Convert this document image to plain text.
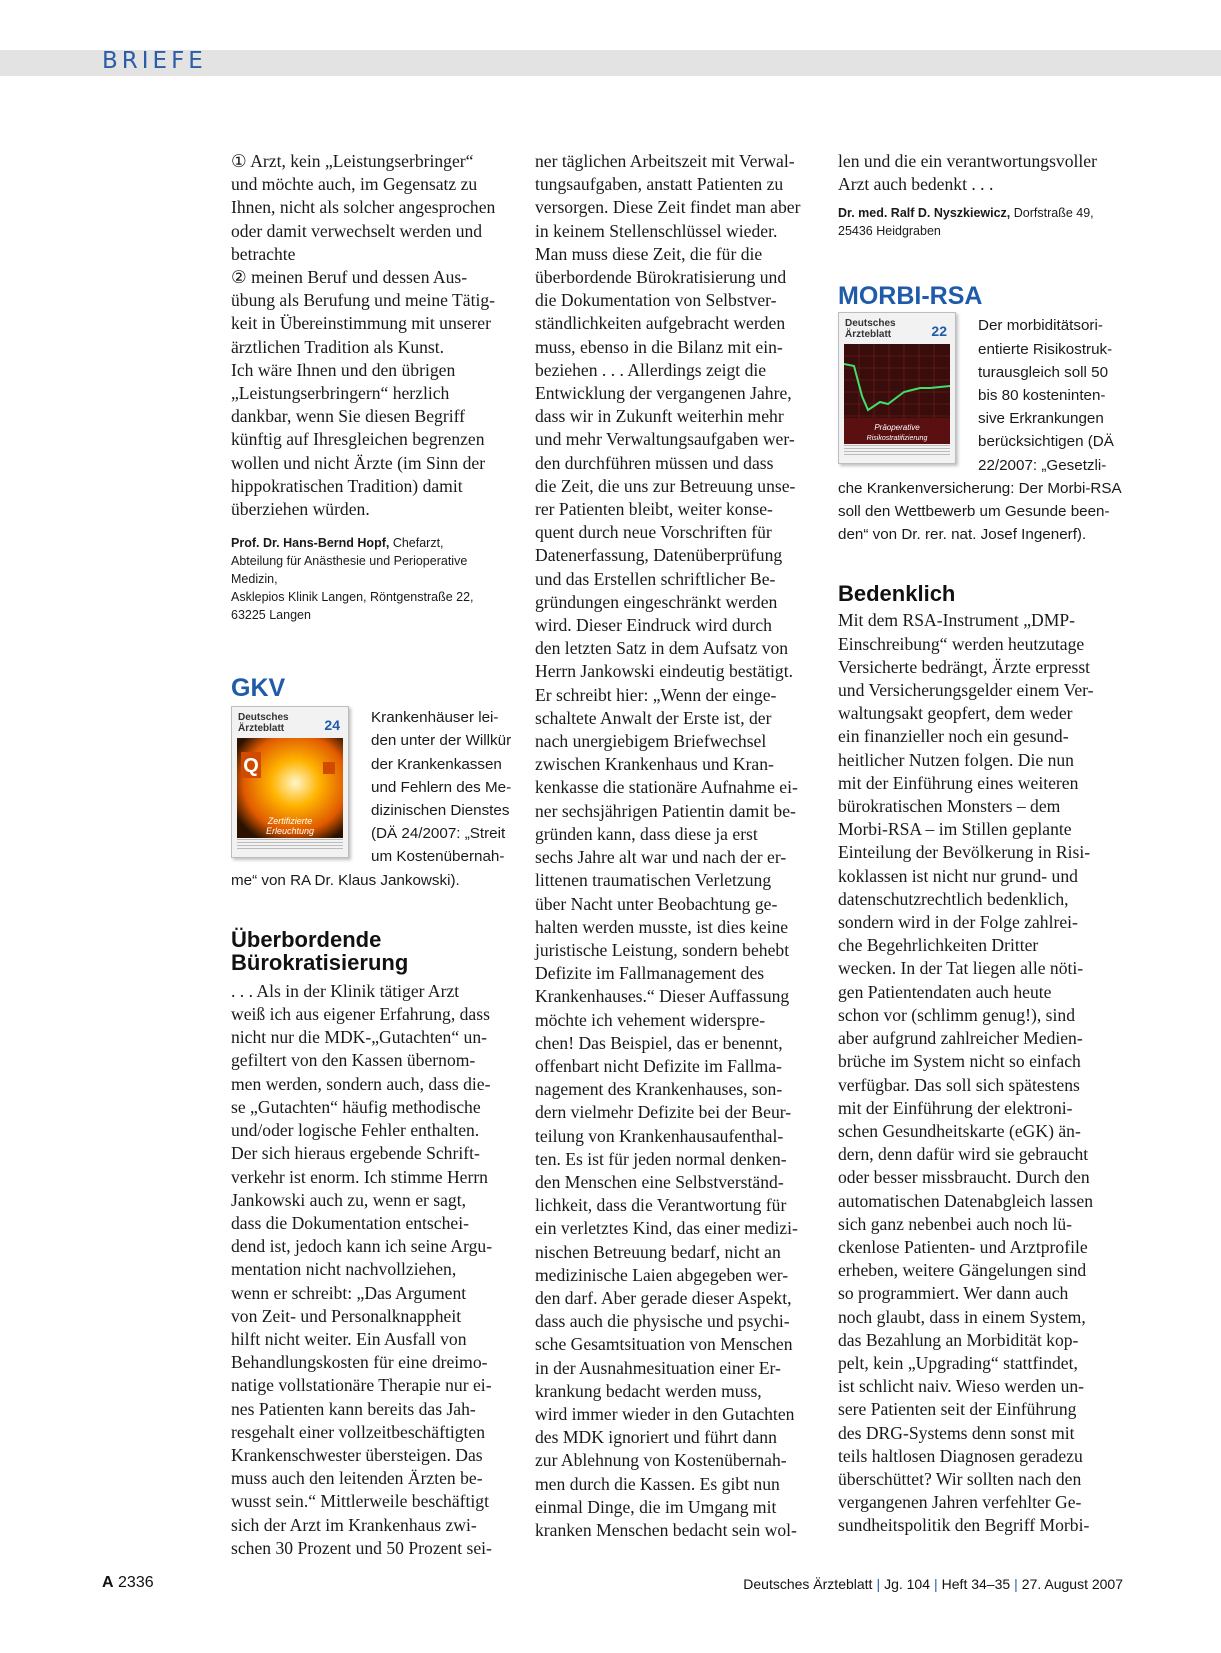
BRIEFE

① Arzt, kein „Leistungserbringer“

und möchte auch, im Gegensatz zu

Ihnen, nicht als solcher angesprochen

oder damit verwechselt werden und

betrachte

② meinen Beruf und dessen Aus-

übung als Berufung und meine Tätig-

keit in Übereinstimmung mit unserer

ärztlichen Tradition als Kunst.

Ich wäre Ihnen und den übrigen

„Leistungserbringern“ herzlich

dankbar, wenn Sie diesen Begriff

künftig auf Ihresgleichen begrenzen

wollen und nicht Ärzte (im Sinn der

hippokratischen Tradition) damit

überziehen würden.

Prof. Dr. Hans-Bernd Hopf, Chefarzt,
Abteilung für Anästhesie und Perioperative Medizin,
Asklepios Klinik Langen, Röntgenstraße 22,
63225 Langen
GKV
Deutsches
Ärzteblatt	24
Q
Zertifizierte
Erleuchtung
Krankenhäuser lei-
den unter der Willkür
der Krankenkassen
und Fehlern des Me-
dizinischen Dienstes
(DÄ 24/2007: „Streit
um Kostenübernah-
me“ von RA Dr. Klaus Jankowski).
Überbordende
Bürokratisierung

. . . Als in der Klinik tätiger Arzt

weiß ich aus eigener Erfahrung, dass

nicht nur die MDK-„Gutachten“ un-

gefiltert von den Kassen übernom-

men werden, sondern auch, dass die-

se „Gutachten“ häufig methodische

und/oder logische Fehler enthalten.

Der sich hieraus ergebende Schrift-

verkehr ist enorm. Ich stimme Herrn

Jankowski auch zu, wenn er sagt,

dass die Dokumentation entschei-

dend ist, jedoch kann ich seine Argu-

mentation nicht nachvollziehen,

wenn er schreibt: „Das Argument

von Zeit- und Personalknappheit

hilft nicht weiter. Ein Ausfall von

Behandlungskosten für eine dreimo-

natige vollstationäre Therapie nur ei-

nes Patienten kann bereits das Jah-

resgehalt einer vollzeitbeschäftigten

Krankenschwester übersteigen. Das

muss auch den leitenden Ärzten be-

wusst sein.“ Mittlerweile beschäftigt

sich der Arzt im Krankenhaus zwi-

schen 30 Prozent und 50 Prozent sei-

ner täglichen Arbeitszeit mit Verwal-

tungsaufgaben, anstatt Patienten zu

versorgen. Diese Zeit findet man aber

in keinem Stellenschlüssel wieder.

Man muss diese Zeit, die für die

überbordende Bürokratisierung und

die Dokumentation von Selbstver-

ständlichkeiten aufgebracht werden

muss, ebenso in die Bilanz mit ein-

beziehen . . . Allerdings zeigt die

Entwicklung der vergangenen Jahre,

dass wir in Zukunft weiterhin mehr

und mehr Verwaltungsaufgaben wer-

den durchführen müssen und dass

die Zeit, die uns zur Betreuung unse-

rer Patienten bleibt, weiter konse-

quent durch neue Vorschriften für

Datenerfassung, Datenüberprüfung

und das Erstellen schriftlicher Be-

gründungen eingeschränkt werden

wird. Dieser Eindruck wird durch

den letzten Satz in dem Aufsatz von

Herrn Jankowski eindeutig bestätigt.

Er schreibt hier: „Wenn der einge-

schaltete Anwalt der Erste ist, der

nach unergiebigem Briefwechsel

zwischen Krankenhaus und Kran-

kenkasse die stationäre Aufnahme ei-

ner sechsjährigen Patientin damit be-

gründen kann, dass diese ja erst

sechs Jahre alt war und nach der er-

littenen traumatischen Verletzung

über Nacht unter Beobachtung ge-

halten werden musste, ist dies keine

juristische Leistung, sondern behebt

Defizite im Fallmanagement des

Krankenhauses.“ Dieser Auffassung

möchte ich vehement widerspre-

chen! Das Beispiel, das er benennt,

offenbart nicht Defizite im Fallma-

nagement des Krankenhauses, son-

dern vielmehr Defizite bei der Beur-

teilung von Krankenhausaufenthal-

ten. Es ist für jeden normal denken-

den Menschen eine Selbstverständ-

lichkeit, dass die Verantwortung für

ein verletztes Kind, das einer medizi-

nischen Betreuung bedarf, nicht an

medizinische Laien abgegeben wer-

den darf. Aber gerade dieser Aspekt,

dass auch die physische und psychi-

sche Gesamtsituation von Menschen

in der Ausnahmesituation einer Er-

krankung bedacht werden muss,

wird immer wieder in den Gutachten

des MDK ignoriert und führt dann

zur Ablehnung von Kostenübernah-

men durch die Kassen. Es gibt nun

einmal Dinge, die im Umgang mit

kranken Menschen bedacht sein wol-

len und die ein verantwortungsvoller

Arzt auch bedenkt . . .

Dr. med. Ralf D. Nyszkiewicz, Dorfstraße 49,
25436 Heidgraben
MORBI-RSA
Deutsches
Ärzteblatt	22
Präoperative
Risikostratifizierung
Der morbiditätsori-
entierte Risikostruk-
turausgleich soll 50
bis 80 kosteninten-
sive Erkrankungen
berücksichtigen (DÄ
22/2007: „Gesetzli-
che Krankenversicherung: Der Morbi-RSA
soll den Wettbewerb um Gesunde been-
den“ von Dr. rer. nat. Josef Ingenerf).
Bedenklich

Mit dem RSA-Instrument „DMP-

Einschreibung“ werden heutzutage

Versicherte bedrängt, Ärzte erpresst

und Versicherungsgelder einem Ver-

waltungsakt geopfert, dem weder

ein finanzieller noch ein gesund-

heitlicher Nutzen folgen. Die nun

mit der Einführung eines weiteren

bürokratischen Monsters – dem

Morbi-RSA – im Stillen geplante

Einteilung der Bevölkerung in Risi-

koklassen ist nicht nur grund- und

datenschutzrechtlich bedenklich,

sondern wird in der Folge zahlrei-

che Begehrlichkeiten Dritter

wecken. In der Tat liegen alle nöti-

gen Patientendaten auch heute

schon vor (schlimm genug!), sind

aber aufgrund zahlreicher Medien-

brüche im System nicht so einfach

verfügbar. Das soll sich spätestens

mit der Einführung der elektroni-

schen Gesundheitskarte (eGK) än-

dern, denn dafür wird sie gebraucht

oder besser missbraucht. Durch den

automatischen Datenabgleich lassen

sich ganz nebenbei auch noch lü-

ckenlose Patienten- und Arztprofile

erheben, weitere Gängelungen sind

so programmiert. Wer dann auch

noch glaubt, dass in einem System,

das Bezahlung an Morbidität kop-

pelt, kein „Upgrading“ stattfindet,

ist schlicht naiv. Wieso werden un-

sere Patienten seit der Einführung

des DRG-Systems denn sonst mit

teils haltlosen Diagnosen geradezu

überschüttet? Wir sollten nach den

vergangenen Jahren verfehlter Ge-

sundheitspolitik den Begriff Morbi-

A 2336	Deutsches Ärzteblatt | Jg. 104 | Heft 34–35 | 27. August 2007
